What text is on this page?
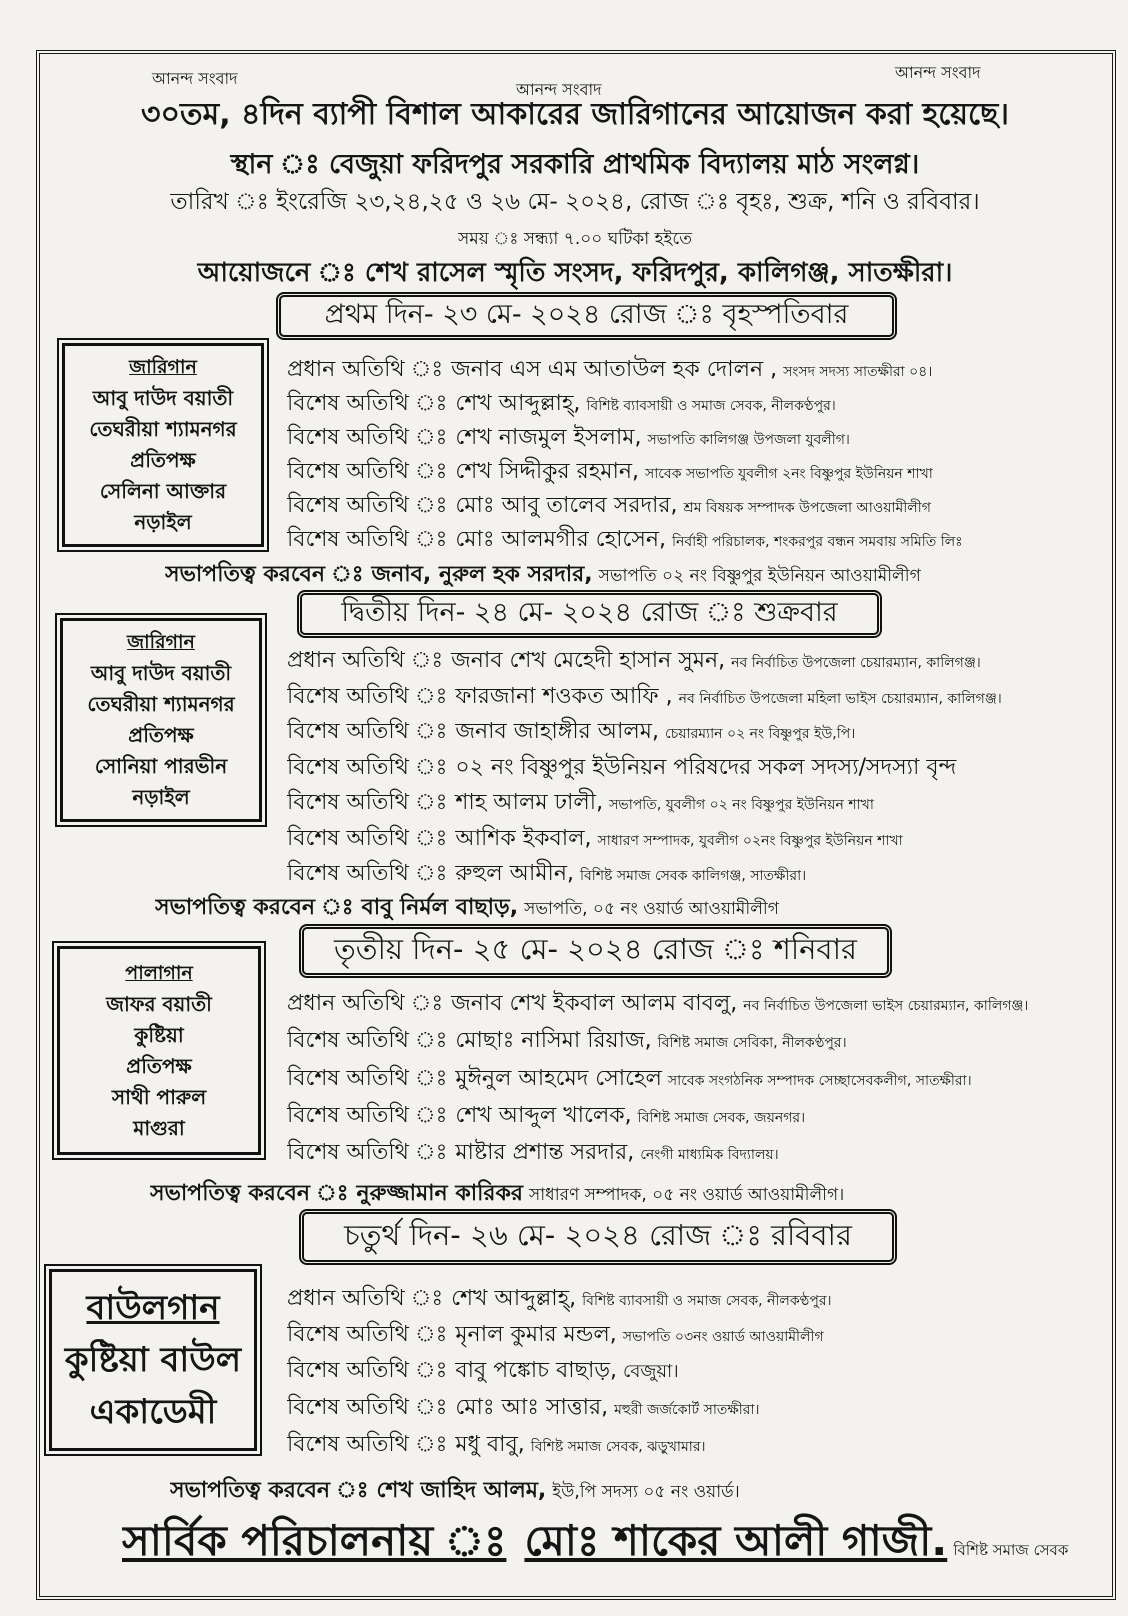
আনন্দ সংবাদ
আনন্দ সংবাদ
আনন্দ সংবাদ
৩০তম, ৪দিন ব্যাপী বিশাল আকারের জারিগানের আয়োজন করা হয়েছে।
স্থান ঃ বেজুয়া ফরিদপুর সরকারি প্রাথমিক বিদ্যালয় মাঠ সংলগ্ন।
তারিখ ঃ ইংরেজি ২৩,২৪,২৫ ও ২৬ মে- ২০২৪, রোজ ঃ বৃহঃ, শুক্র, শনি ও রবিবার।
সময় ঃ সন্ধ্যা ৭.০০ ঘটিকা হইতে
আয়োজনে ঃ শেখ রাসেল স্মৃতি সংসদ, ফরিদপুর, কালিগঞ্জ, সাতক্ষীরা।
প্রথম দিন- ২৩ মে- ২০২৪ রোজ ঃ বৃহস্পতিবার
জারিগান
আবু দাউদ বয়াতী
তেঘরীয়া শ্যামনগর
প্রতিপক্ষ
সেলিনা আক্তার
নড়াইল
প্রধান অতিথি ঃ জনাব এস এম আতাউল হক দোলন , সংসদ সদস্য সাতক্ষীরা ০৪।
বিশেষ অতিথি ঃ শেখ আব্দুল্লাহ্, বিশিষ্ট ব্যাবসায়ী ও সমাজ সেবক, নীলকণ্ঠপুর।
বিশেষ অতিথি ঃ শেখ নাজমুল ইসলাম, সভাপতি কালিগঞ্জ উপজলা যুবলীগ।
বিশেষ অতিথি ঃ শেখ সিদ্দীকুর রহমান, সাবেক সভাপতি যুবলীগ ২নং বিষ্ণুপুর ইউনিয়ন শাখা
বিশেষ অতিথি ঃ মোঃ আবু তালেব সরদার, শ্রম বিষয়ক সম্পাদক উপজেলা আওয়ামীলীগ
বিশেষ অতিথি ঃ মোঃ আলমগীর হোসেন, নির্বাহী পরিচালক, শংকরপুর বন্ধন সমবায় সমিতি লিঃ
সভাপতিত্ব করবেন ঃ জনাব, নুরুল হক সরদার, সভাপতি ০২ নং বিষ্ণুপুর ইউনিয়ন আওয়ামীলীগ
দ্বিতীয় দিন- ২৪ মে- ২০২৪ রোজ ঃ শুক্রবার
জারিগান
আবু দাউদ বয়াতী
তেঘরীয়া শ্যামনগর
প্রতিপক্ষ
সোনিয়া পারভীন
নড়াইল
প্রধান অতিথি ঃ জনাব শেখ মেহেদী হাসান সুমন, নব নির্বাচিত উপজেলা চেয়ারম্যান, কালিগঞ্জ।
বিশেষ অতিথি ঃ ফারজানা শওকত আফি , নব নির্বাচিত উপজেলা মহিলা ভাইস চেয়ারম্যান, কালিগঞ্জ।
বিশেষ অতিথি ঃ জনাব জাহাঙ্গীর আলম, চেয়ারম্যান ০২ নং বিষ্ণুপুর ইউ,পি।
বিশেষ অতিথি ঃ ০২ নং বিষ্ণুপুর ইউনিয়ন পরিষদের সকল সদস্য/সদস্যা বৃন্দ
বিশেষ অতিথি ঃ শাহ আলম ঢালী, সভাপতি, যুবলীগ ০২ নং বিষ্ণুপুর ইউনিয়ন শাখা
বিশেষ অতিথি ঃ আশিক ইকবাল, সাধারণ সম্পাদক, যুবলীগ ০২নং বিষ্ণুপুর ইউনিয়ন শাখা
বিশেষ অতিথি ঃ রুহুল আমীন, বিশিষ্ট সমাজ সেবক কালিগঞ্জ, সাতক্ষীরা।
সভাপতিত্ব করবেন ঃ বাবু নির্মল বাছাড়, সভাপতি, ০৫ নং ওয়ার্ড আওয়ামীলীগ
তৃতীয় দিন- ২৫ মে- ২০২৪ রোজ ঃ শনিবার
পালাগান
জাফর বয়াতী
কুষ্টিয়া
প্রতিপক্ষ
সাথী পারুল
মাগুরা
প্রধান অতিথি ঃ জনাব শেখ ইকবাল আলম বাবলু, নব নির্বাচিত উপজেলা ভাইস চেয়ারম্যান, কালিগঞ্জ।
বিশেষ অতিথি ঃ মোছাঃ নাসিমা রিয়াজ, বিশিষ্ট সমাজ সেবিকা, নীলকণ্ঠপুর।
বিশেষ অতিথি ঃ মুঈনুল আহমেদ সোহেল সাবেক সংগঠনিক সম্পাদক সেচ্ছাসেবকলীগ, সাতক্ষীরা।
বিশেষ অতিথি ঃ শেখ আব্দুল খালেক, বিশিষ্ট সমাজ সেবক, জয়নগর।
বিশেষ অতিথি ঃ মাষ্টার প্রশান্ত সরদার, নেংগী মাধ্যমিক বিদ্যালয়।
সভাপতিত্ব করবেন ঃ নুরুজ্জামান কারিকর সাধারণ সম্পাদক, ০৫ নং ওয়ার্ড আওয়ামীলীগ।
চতুর্থ দিন- ২৬ মে- ২০২৪ রোজ ঃ রবিবার
বাউলগান
কুষ্টিয়া বাউল
একাডেমী
প্রধান অতিথি ঃ শেখ আব্দুল্লাহ্, বিশিষ্ট ব্যাবসায়ী ও সমাজ সেবক, নীলকণ্ঠপুর।
বিশেষ অতিথি ঃ মৃনাল কুমার মন্ডল, সভাপতি ০৩নং ওয়ার্ড আওয়ামীলীগ
বিশেষ অতিথি ঃ বাবু পঙ্কোচ বাছাড়, বেজুয়া।
বিশেষ অতিথি ঃ মোঃ আঃ সাত্তার, মহুরী জর্জকোর্ট সাতক্ষীরা।
বিশেষ অতিথি ঃ মধু বাবু, বিশিষ্ট সমাজ সেবক, ঝড়ুখামার।
সভাপতিত্ব করবেন ঃ শেখ জাহিদ আলম, ইউ,পি সদস্য ০৫ নং ওয়ার্ড।
সার্বিক পরিচালনায় ঃ মোঃ শাকের আলী গাজী. বিশিষ্ট সমাজ সেবক
